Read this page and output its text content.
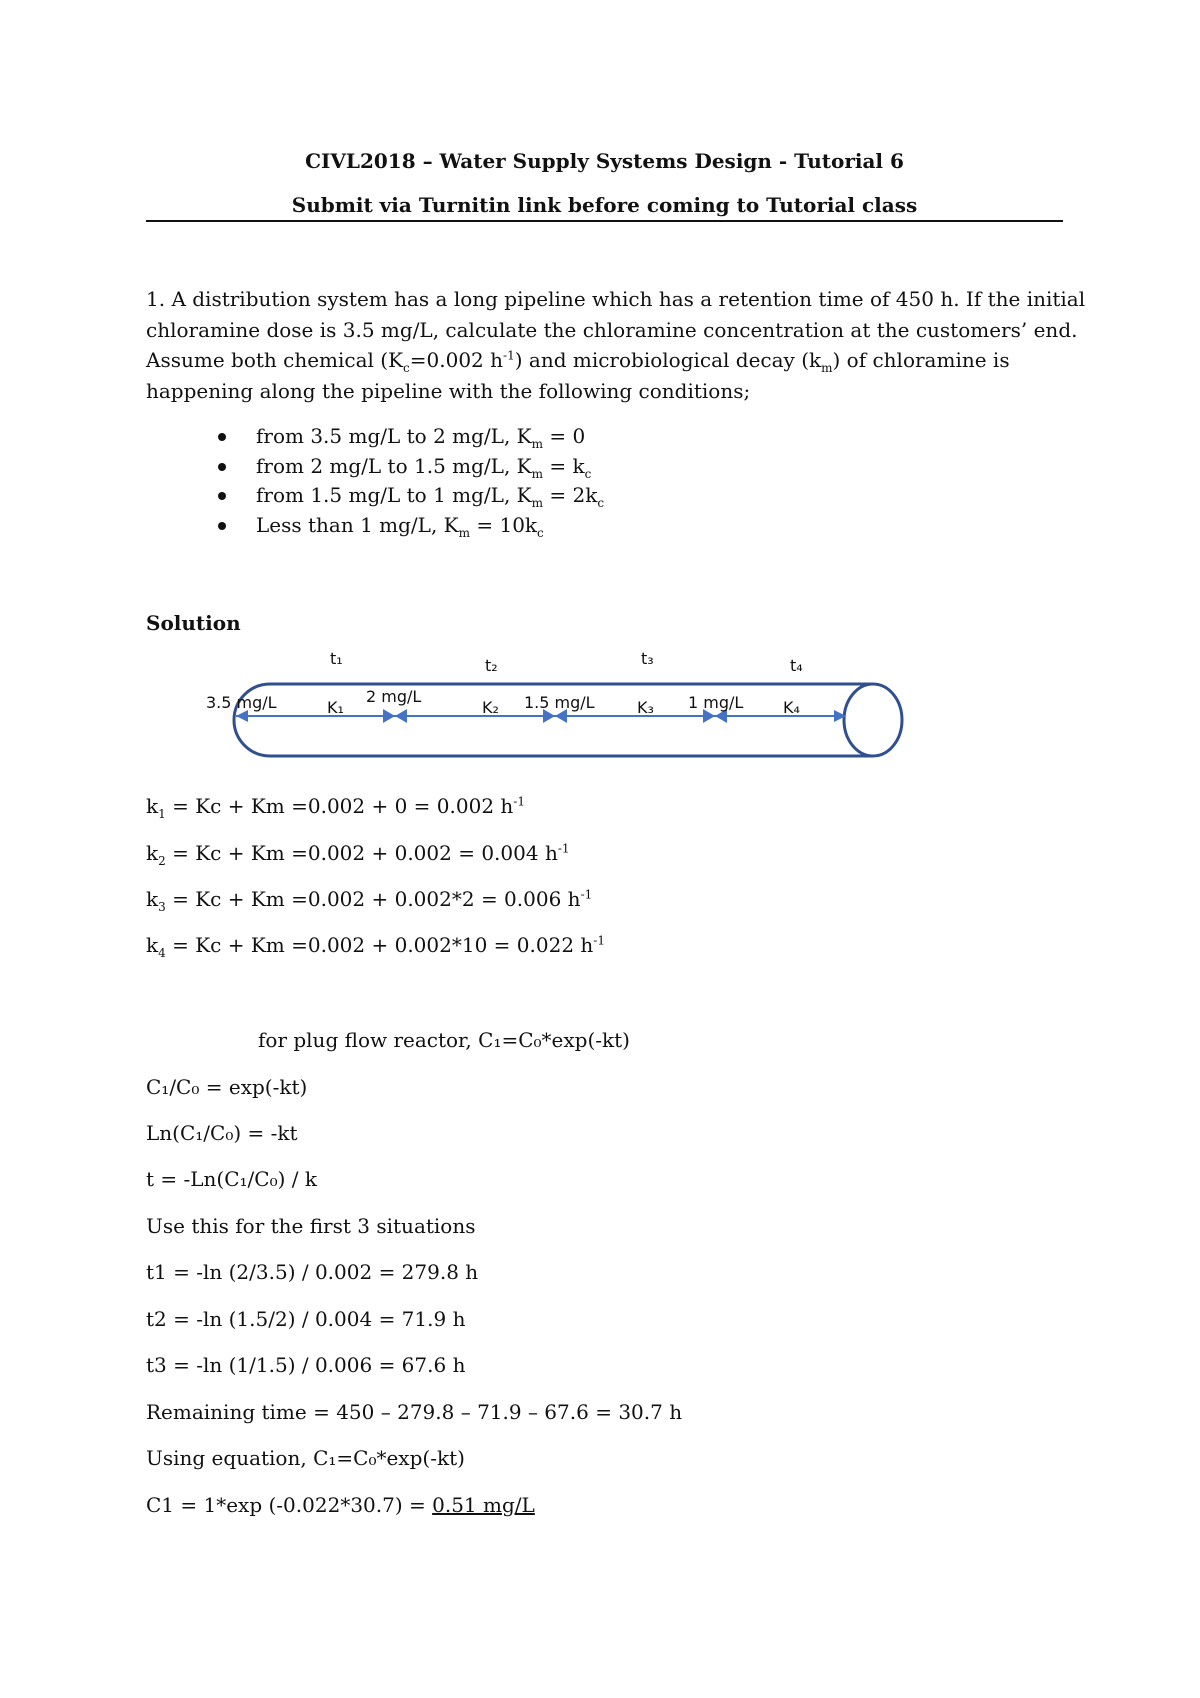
CIVL2018 – Water Supply Systems Design - Tutorial 6
Submit via Turnitin link before coming to Tutorial class

1. A distribution system has a long pipeline which has a retention time of 450 h. If the initial

chloramine dose is 3.5 mg/L, calculate the chloramine concentration at the customers’ end.

Assume both chemical ($K_c=0.002$ $h^{-1}$) and microbiological decay $(k_m)$ of chloramine is

happening along the pipeline with the following conditions;

from 3.5 mg/L to 2 mg/L, $K_m = 0$
from 2 mg/L to 1.5 mg/L, $K_m = k_c$
from 1.5 mg/L to 1 mg/L, $K_m = 2k_c$
Less than 1 mg/L, $K_m = 10k_c$
Solution
t₁	t₂	t₃	t₄
3.5 mg/L	2 mg/L	1.5 mg/L	1 mg/L
K₁	K₂	K₃	K₄
$k_1 = Kc + Km =0.002 + 0 = 0.002$ $h^{-1}$
$k_2 = Kc + Km =0.002 + 0.002 = 0.004$ $h^{-1}$
$k_3 = Kc + Km =0.002 + 0.002*2 = 0.006$ $h^{-1}$
$k_4 = Kc + Km =0.002 + 0.002*10 = 0.022$ $h^{-1}$
for plug flow reactor, C₁=C₀*exp(-kt)
C₁/C₀ = exp(-kt)
Ln(C₁/C₀) = -kt
t = -Ln(C₁/C₀) / k
Use this for the first 3 situations
t1 = -ln (2/3.5) / 0.002 = 279.8 h
t2 = -ln (1.5/2) / 0.004 = 71.9 h
t3 = -ln (1/1.5) / 0.006 = 67.6 h
Remaining time = 450 – 279.8 – 71.9 – 67.6 = 30.7 h
Using equation, C₁=C₀*exp(-kt)
C1 = 1*exp (-0.022*30.7) = 0.51 mg/L
